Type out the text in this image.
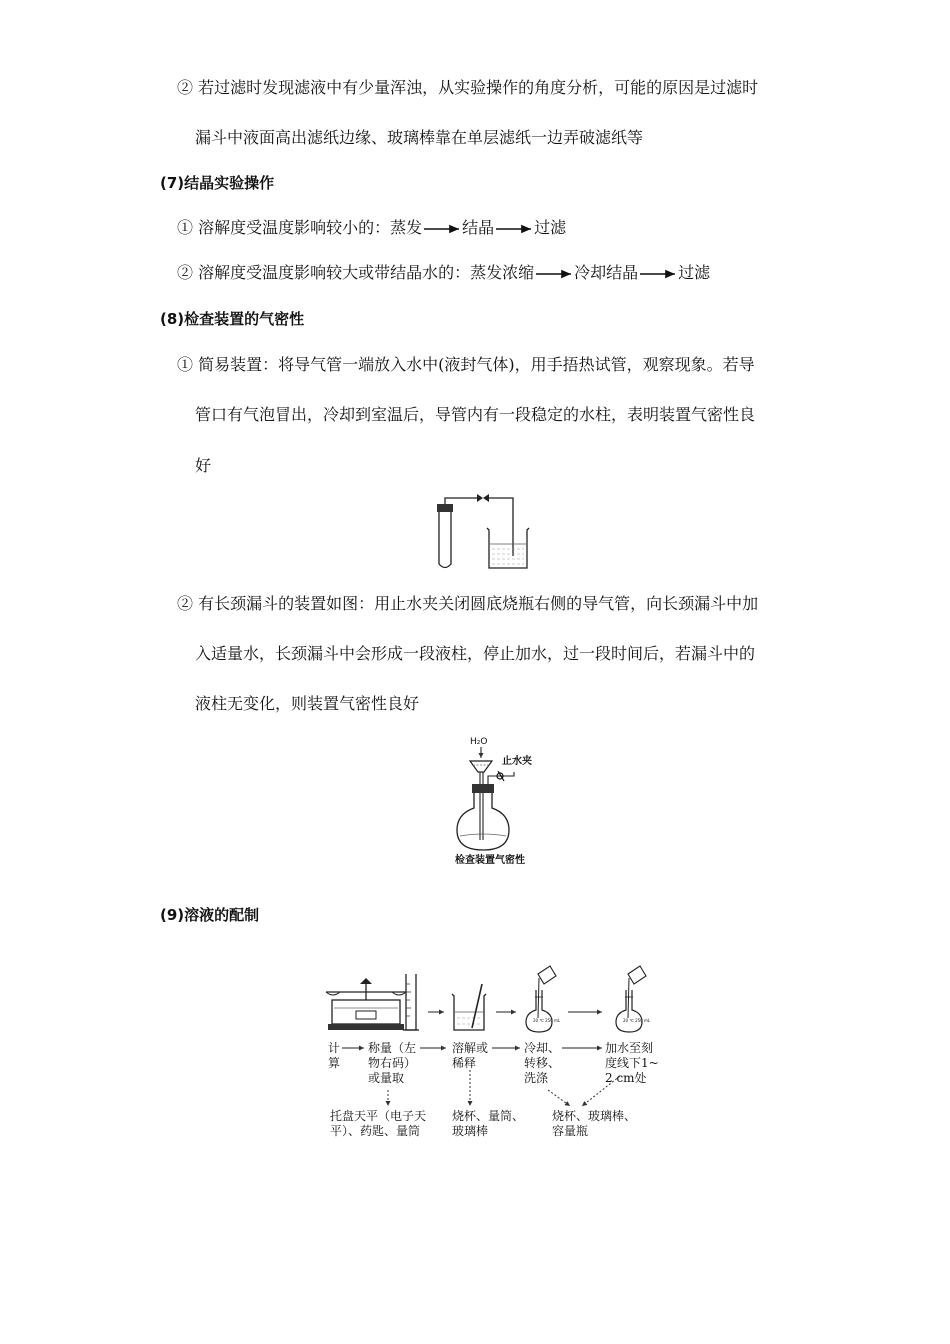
② 若过滤时发现滤液中有少量浑浊，从实验操作的角度分析，可能的原因是过滤时
漏斗中液面高出滤纸边缘、玻璃棒靠在单层滤纸一边弄破滤纸等
(7)结晶实验操作
① 溶解度受温度影响较小的：蒸发	结晶	过滤
② 溶解度受温度影响较大或带结晶水的：蒸发浓缩	冷却结晶	过滤
(8)检查装置的气密性
① 简易装置：将导气管一端放入水中(液封气体)，用手捂热试管，观察现象。若导
管口有气泡冒出，冷却到室温后，导管内有一段稳定的水柱，表明装置气密性良
好
② 有长颈漏斗的装置如图：用止水夹关闭圆底烧瓶右侧的导气管，向长颈漏斗中加
入适量水，长颈漏斗中会形成一段液柱，停止加水，过一段时间后，若漏斗中的
液柱无变化，则装置气密性良好
H₂O
止水夹
检查装置气密性
(9)溶液的配制
20 ℃ 250 mL	20 ℃ 250 mL
计
算
称量（左
物右码）
或量取
溶解或
稀释
冷却、
转移、
洗涤
加水至刻
度线下1~
2 cm处
托盘天平（电子天
平）、药匙、量筒
烧杯、量筒、
玻璃棒
烧杯、玻璃棒、
容量瓶
